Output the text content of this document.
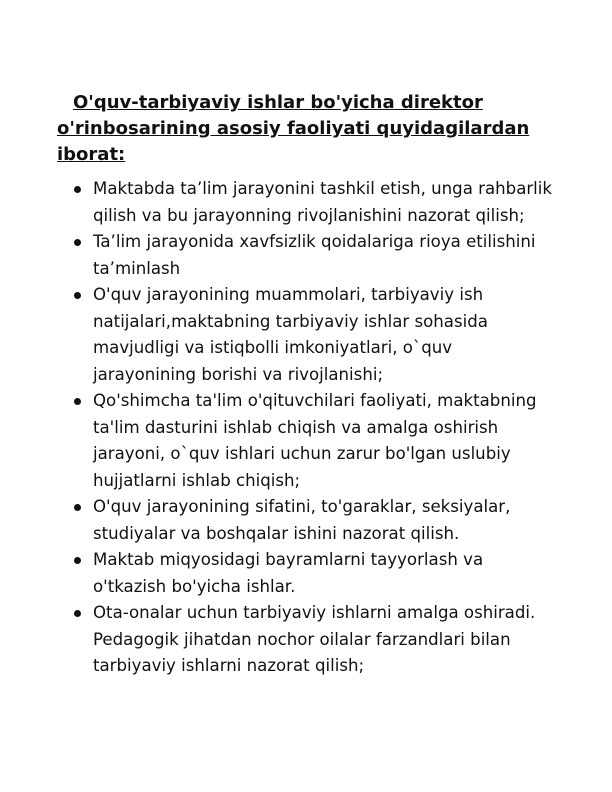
O'quv-tarbiyaviy ishlar bo'yicha direktor o'rinbosarining asosiy faoliyati quyidagilardan iborat:

Maktabda ta’lim jarayonini tashkil etish, unga rahbarlik qilish va bu jarayonning rivojlanishini nazorat qilish;
Ta’lim jarayonida xavfsizlik qoidalariga rioya etilishini ta’minlash
O'quv jarayonining muammolari, tarbiyaviy ish natijalari,maktabning tarbiyaviy ishlar sohasida mavjudligi va istiqbolli imkoniyatlari, o`quv jarayonining borishi va rivojlanishi;
Qo'shimcha ta'lim o'qituvchilari faoliyati, maktabning ta'lim dasturini ishlab chiqish va amalga oshirish jarayoni, o`quv ishlari uchun zarur bo'lgan uslubiy hujjatlarni ishlab chiqish;
O'quv jarayonining sifatini, to'garaklar, seksiyalar, studiyalar va boshqalar ishini nazorat qilish.
Maktab miqyosidagi bayramlarni tayyorlash va o'tkazish bo'yicha ishlar.
Ota-onalar uchun tarbiyaviy ishlarni amalga oshiradi. Pedagogik jihatdan nochor oilalar farzandlari bilan tarbiyaviy ishlarni nazorat qilish;
